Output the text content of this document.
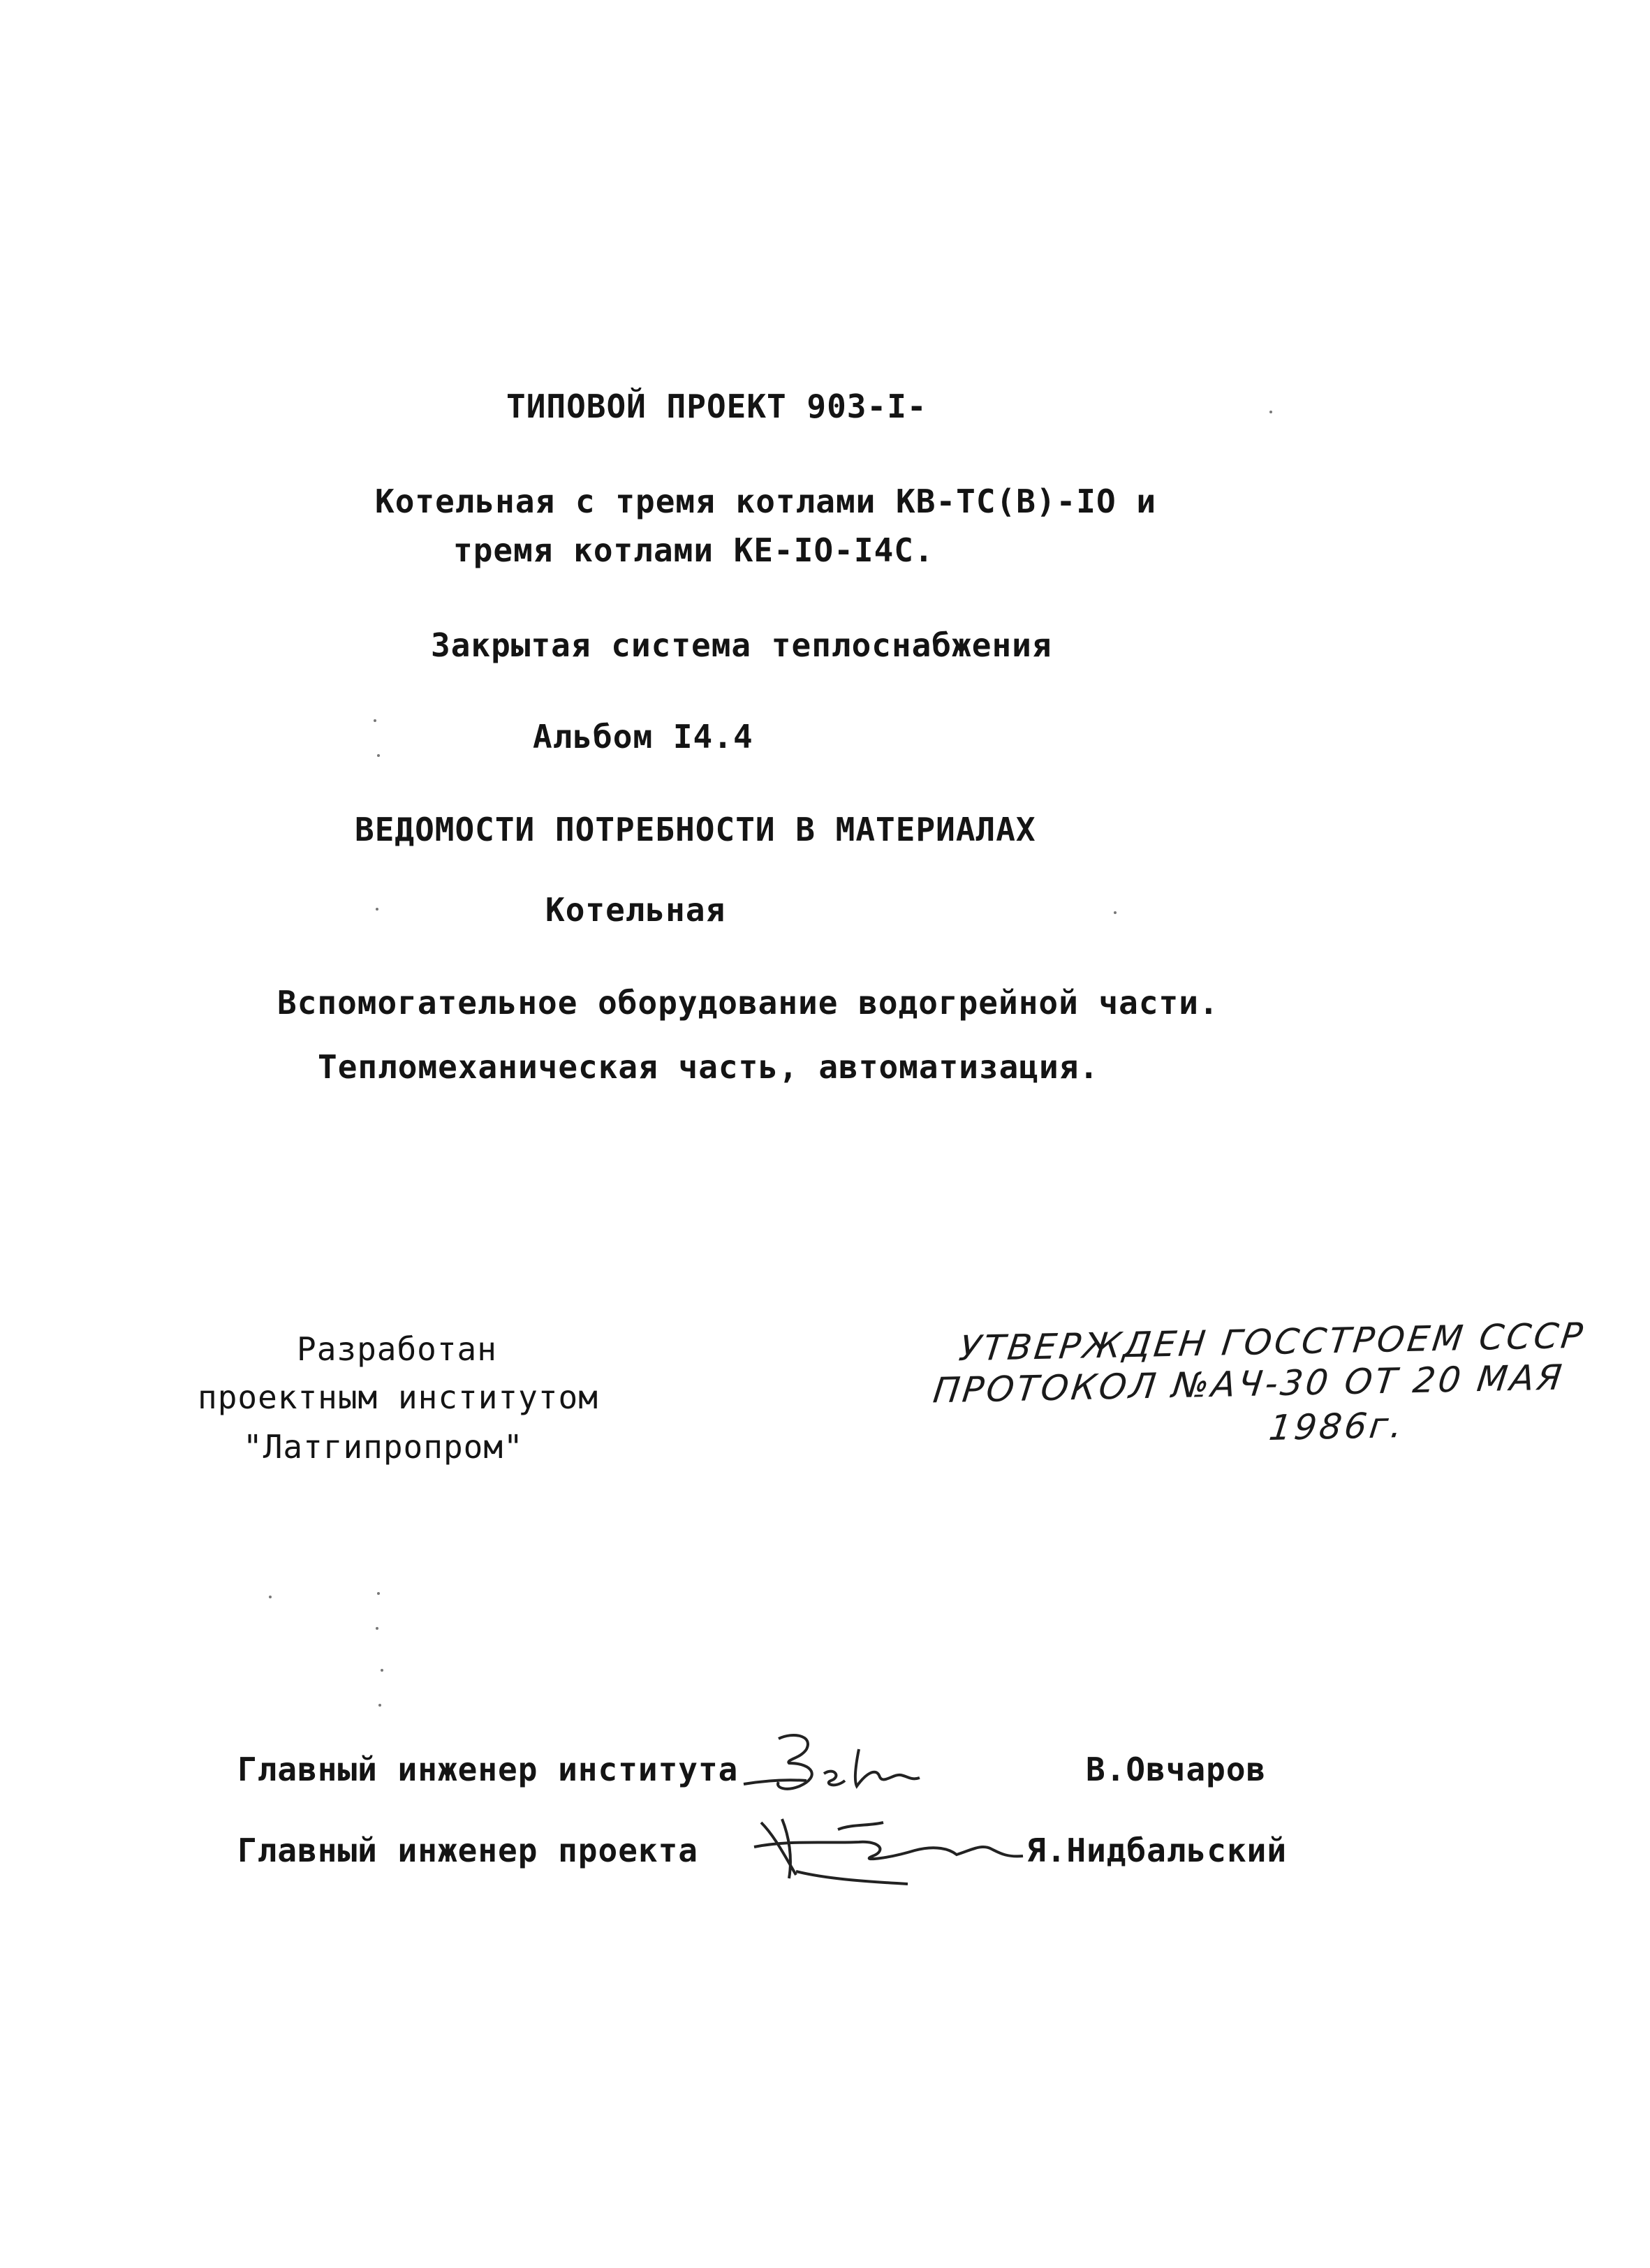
ТИПОВОЙ ПРОЕКТ 903-I-
Котельная с тремя котлами КВ-ТС(В)-IO и
тремя котлами КЕ-IO-I4C.
Закрытая система теплоснабжения
Альбом I4.4
ВЕДОМОСТИ ПОТРЕБНОСТИ В МАТЕРИАЛАХ
Котельная
Вспомогательное оборудование водогрейной части.
Тепломеханическая часть, автоматизация.
Разработан
проектным институтом
"Латгипропром"
УТВЕРЖДЕН ГОССТРОЕМ СССР
ПРОТОКОЛ №АЧ-30 ОТ 20 МАЯ
1986г.
Главный инженер института	В.Овчаров
Главный инженер проекта	Я.Нидбальский
